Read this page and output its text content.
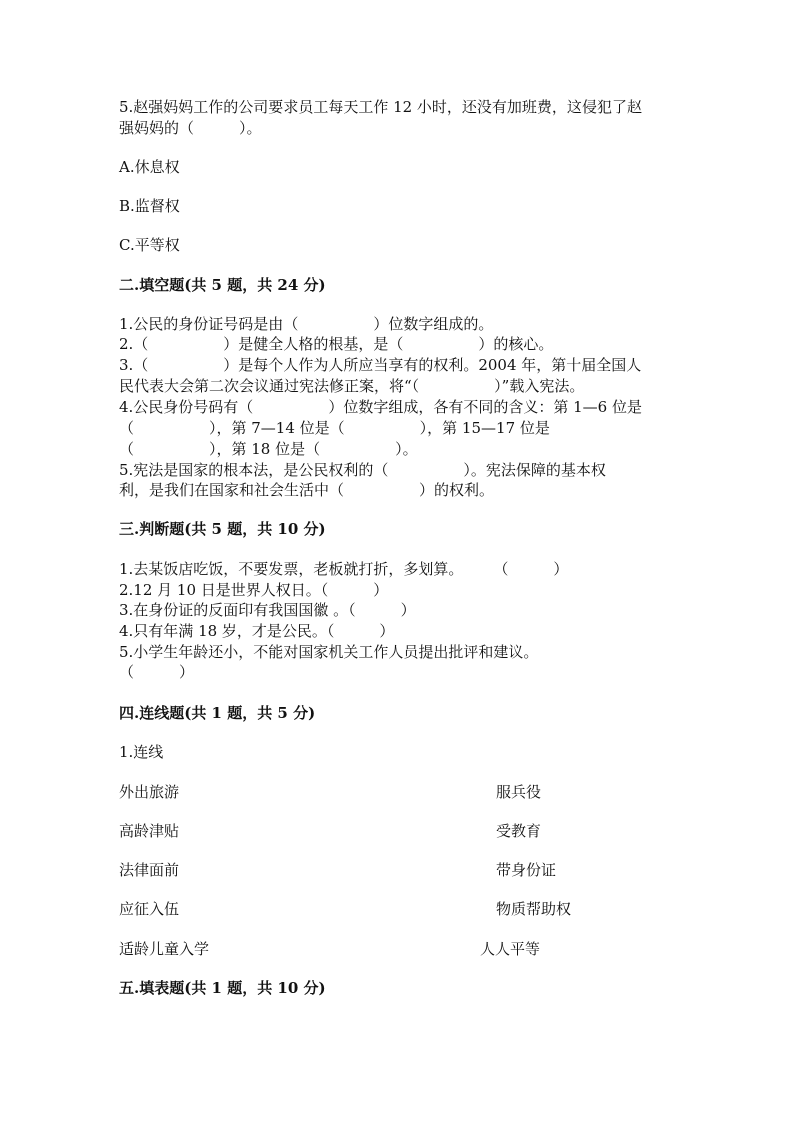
5.赵强妈妈工作的公司要求员工每天工作 12 小时，还没有加班费，这侵犯了赵
强妈妈的（　　　）。
A.休息权
B.监督权
C.平等权
二.填空题(共 5 题，共 24 分)
1.公民的身份证号码是由（　　　　　）位数字组成的。
2.（　　　　　）是健全人格的根基，是（　　　　　）的核心。
3.（　　　　　）是每个人作为人所应当享有的权利。2004 年，第十届全国人
民代表大会第二次会议通过宪法修正案，将“（　　　　　）”载入宪法。
4.公民身份号码有（　　　　　）位数字组成，各有不同的含义：第 1—6 位是
（　　　　　），第 7—14 位是（　　　　　），第 15—17 位是
（　　　　　），第 18 位是（　　　　　）。
5.宪法是国家的根本法，是公民权利的（　　　　　）。宪法保障的基本权
利，是我们在国家和社会生活中（　　　　　）的权利。
三.判断题(共 5 题，共 10 分)
1.去某饭店吃饭，不要发票，老板就打折，多划算。　　　（　　　）
2.12 月 10 日是世界人权日。（　　　）
3.在身份证的反面印有我国国徽 。（　　　）
4.只有年满 18 岁，才是公民。（　　　）
5.小学生年龄还小，不能对国家机关工作人员提出批评和建议。
（　　　）
四.连线题(共 1 题，共 5 分)
1.连线
外出旅游
高龄津贴
法律面前
应征入伍
适龄儿童入学
服兵役
受教育
带身份证
物质帮助权
人人平等
五.填表题(共 1 题，共 10 分)
